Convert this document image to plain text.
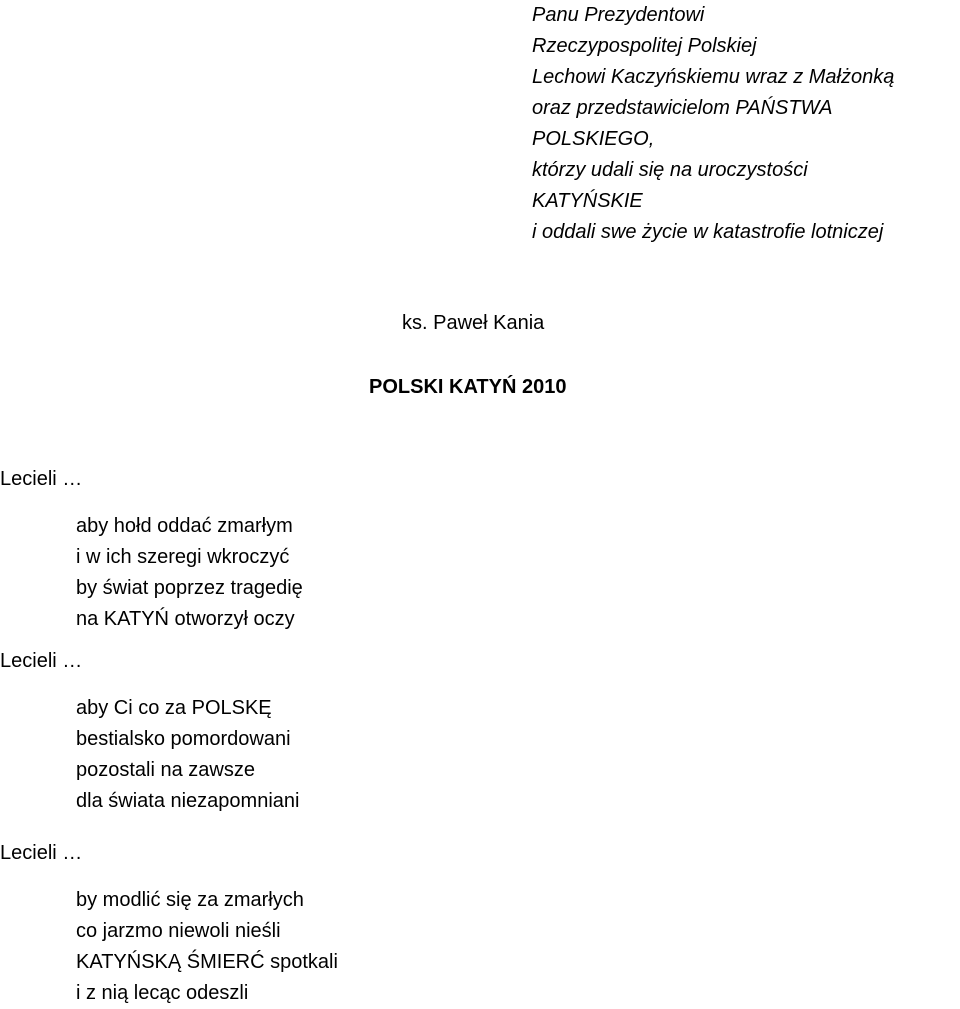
Panu Prezydentowi
Rzeczypospolitej Polskiej
Lechowi Kaczyńskiemu wraz z Małżonką
oraz przedstawicielom PAŃSTWA
POLSKIEGO,
którzy udali się na uroczystości
KATYŃSKIE
i oddali swe życie w katastrofie lotniczej
ks. Paweł Kania
POLSKI KATYŃ 2010
Lecieli …
aby hołd oddać zmarłym
i w ich szeregi wkroczyć
by świat poprzez tragedię
na KATYŃ otworzył oczy
Lecieli …
aby Ci co za POLSKĘ
bestialsko pomordowani
pozostali na zawsze
dla świata niezapomniani
Lecieli …
by modlić się za zmarłych
co jarzmo niewoli nieśli
KATYŃSKĄ ŚMIERĆ spotkali
i z nią lecąc odeszli
